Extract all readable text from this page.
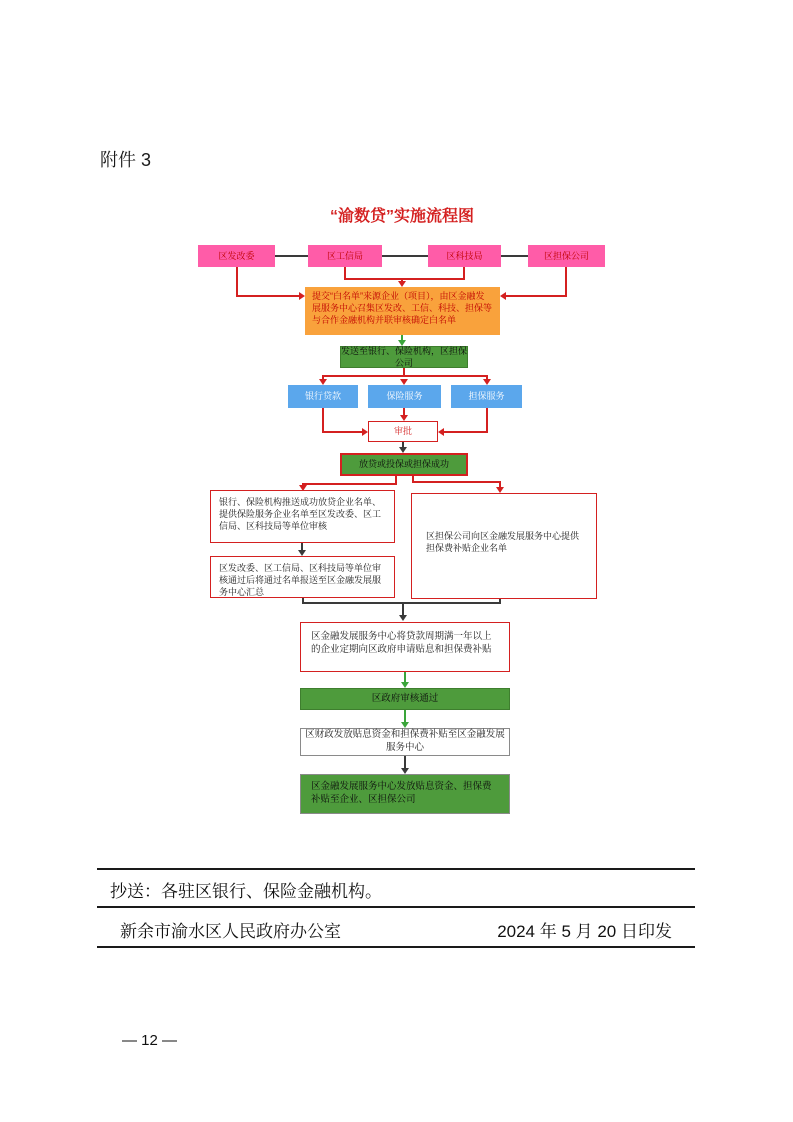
附件 3
“渝数贷”实施流程图
区发改委	区工信局	区科技局	区担保公司
提交“白名单”来源企业（项目），由区金融发展服务中心召集区发改、工信、科技、担保等与合作金融机构并联审核确定白名单
发送至银行、保险机构，区担保公司
银行贷款	保险服务	担保服务
审批
放贷或投保或担保成功
银行、保险机构推送成功放贷企业名单、提供保险服务企业名单至区发改委、区工信局、区科技局等单位审核
区发改委、区工信局、区科技局等单位审核通过后将通过名单报送至区金融发展服务中心汇总
区担保公司向区金融发展服务中心提供担保费补贴企业名单
区金融发展服务中心将贷款周期满一年以上的企业定期向区政府申请贴息和担保费补贴
区政府审核通过
区财政发放贴息资金和担保费补贴至区金融发展服务中心
区金融发展服务中心发放贴息资金、担保费补贴至企业、区担保公司
抄送：各驻区银行、保险金融机构。
新余市渝水区人民政府办公室	2024 年 5 月 20 日印发
— 12 —
